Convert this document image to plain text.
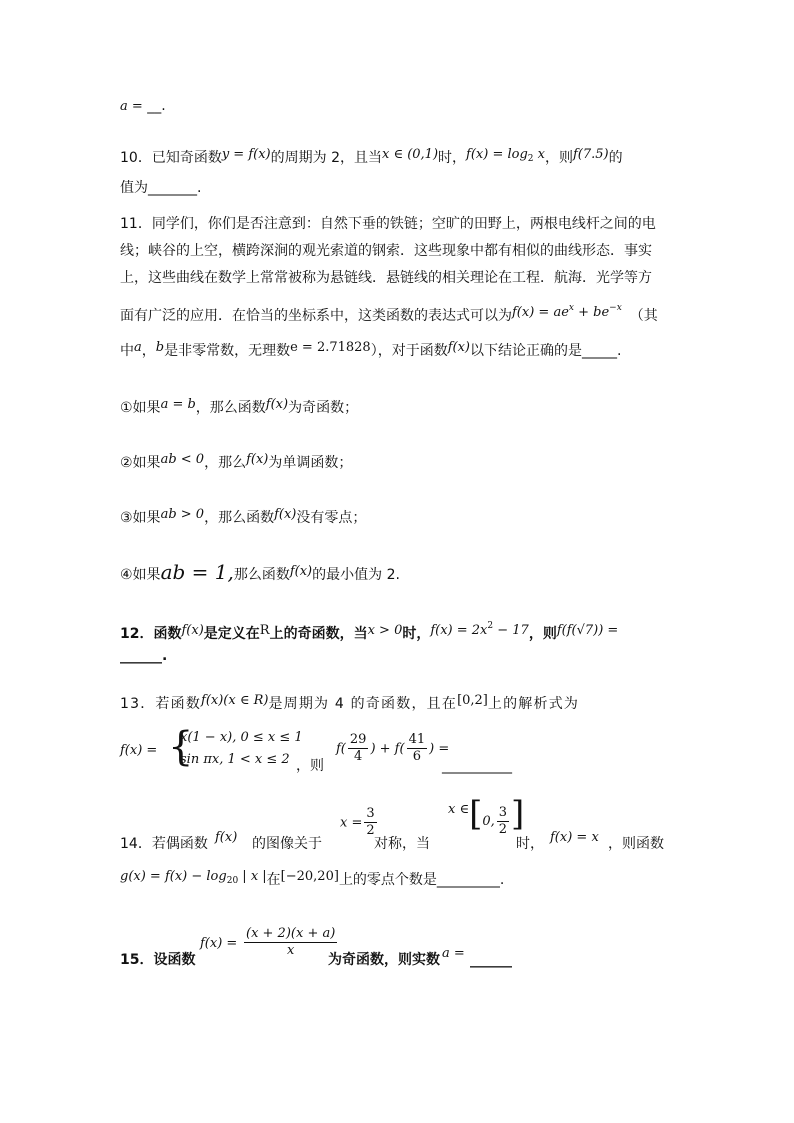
a = __.
10．已知奇函数y = f(x)的周期为 2，且当x ∈ (0,1)时，$f(x) = \log_2 x$，则f(7.5)的
值为_______.
11．同学们，你们是否注意到：自然下垂的铁链；空旷的田野上，两根电线杆之间的电
线；峡谷的上空，横跨深涧的观光索道的钢索．这些现象中都有相似的曲线形态．事实
上，这些曲线在数学上常常被称为悬链线．悬链线的相关理论在工程．航海．光学等方
面有广泛的应用．在恰当的坐标系中，这类函数的表达式可以为$f(x) = ae^x + be^{-x}$ （其
中a，b是非零常数，无理数e = 2.71828），对于函数f(x)以下结论正确的是_____.
①如果a = b，那么函数f(x)为奇函数；
②如果ab < 0，那么f(x)为单调函数；
③如果ab > 0，那么函数f(x)没有零点；
④如果ab = 1,那么函数f(x)的最小值为 2.
12．函数f(x)是定义在R上的奇函数，当x > 0时，$f(x) = 2x^2 - 17$，则f(f(√7)) =
______.
13．若函数f(x)(x ∈ R)是周期为 4 的奇函数，且在[0,2]上的解析式为
f(x) = {
x(1 − x), 0 ≤ x ≤ 1
sin πx, 1 < x ≤ 2 ，则
$f( \frac{29}{4}$ ) + $f( \frac{41}{6}$ ) =
__________
14．若偶函数 f(x) 的图像关于
$x = \frac{3}{2}$
对称，当
x ∈[0, $\frac{3}{2}$ ]
时， f(x) = x ，则函数
$g(x) = f(x) - \log_{20}$ | x |在[−20,20]上的零点个数是_________.
15．设函数
$f(x) = \frac{(x + 2)(x + a)}{x}$
为奇函数，则实数 a = ______
